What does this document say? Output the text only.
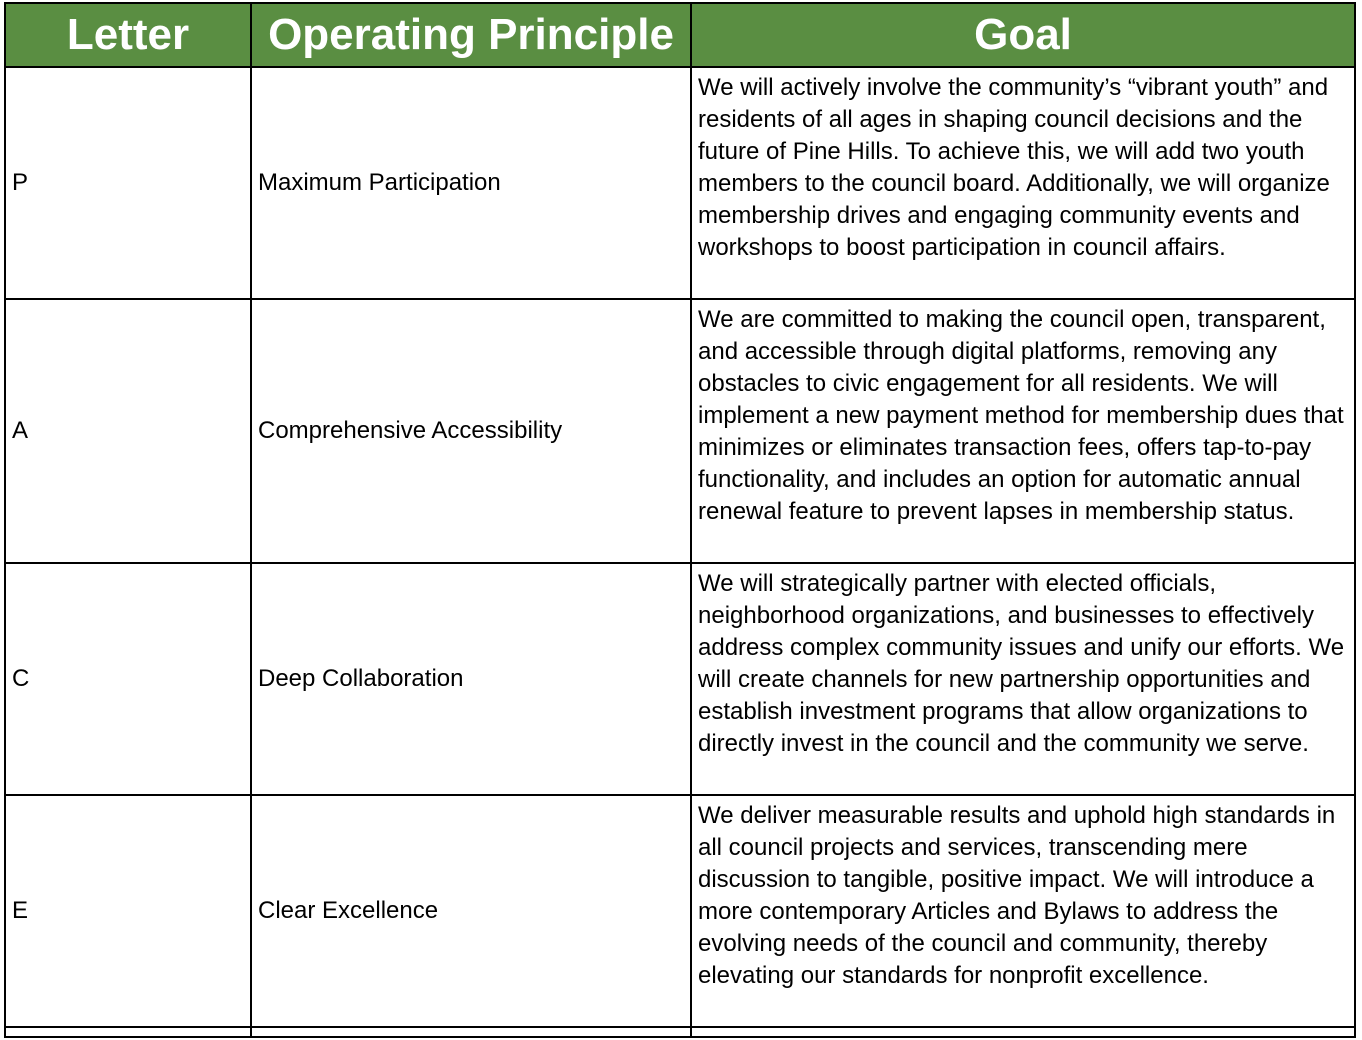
Letter	Operating Principle	Goal
P	Maximum Participation	We will actively involve the community’s “vibrant youth” and residents of all ages in shaping council decisions and the future of Pine Hills. To achieve this, we will add two youth members to the council board. Additionally, we will organize membership drives and engaging community events and workshops to boost participation in council affairs.
A	Comprehensive Accessibility	We are committed to making the council open, transparent, and accessible through digital platforms, removing any obstacles to civic engagement for all residents. We will implement a new payment method for membership dues that minimizes or eliminates transaction fees, offers tap-to-pay functionality, and includes an option for automatic annual renewal feature to prevent lapses in membership status.
C	Deep Collaboration	We will strategically partner with elected officials, neighborhood organizations, and businesses to effectively address complex community issues and unify our efforts. We will create channels for new partnership opportunities and establish investment programs that allow organizations to directly invest in the council and the community we serve.
E	Clear Excellence	We deliver measurable results and uphold high standards in all council projects and services, transcending mere discussion to tangible, positive impact. We will introduce a more contemporary Articles and Bylaws to address the evolving needs of the council and community, thereby elevating our standards for nonprofit excellence.
